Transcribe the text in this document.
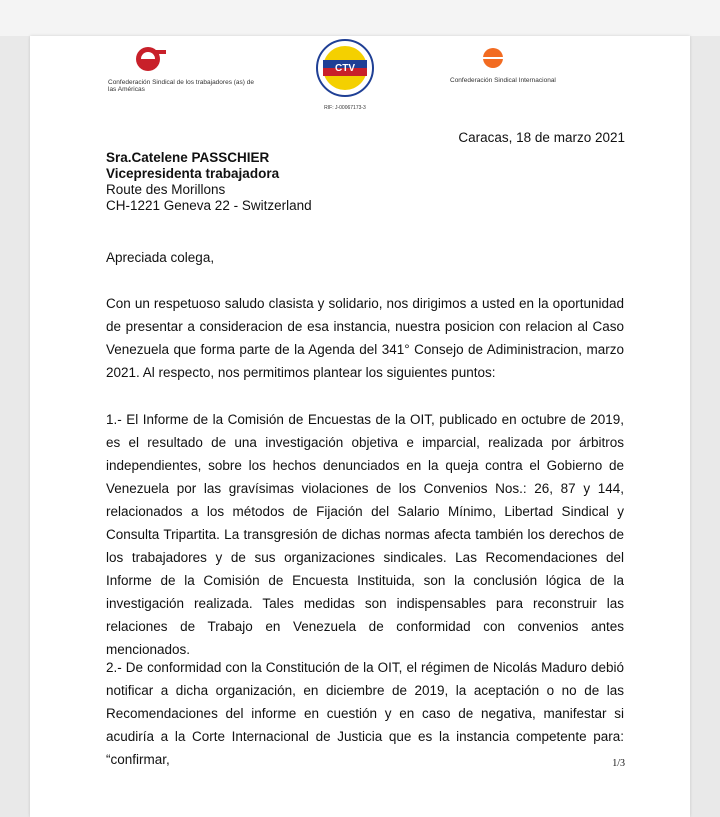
Confederación Sindical de los trabajadores (as) de las Américas
CTV
RIF: J-00067173-3
Confederación Sindical Internacional
Caracas, 18 de marzo 2021
Sra.Catelene PASSCHIER
Vicepresidenta trabajadora
Route des Morillons
CH-1221 Geneva 22 - Switzerland
Apreciada colega,
Con un respetuoso saludo clasista y solidario, nos dirigimos a usted en la oportunidad de presentar a consideracion de esa instancia, nuestra posicion con relacion al Caso Venezuela que forma parte de la Agenda del 341° Consejo de Adiministracion, marzo 2021. Al respecto, nos permitimos plantear los siguientes puntos:
1.- El Informe de la Comisión de Encuestas de la OIT, publicado en octubre de 2019, es el resultado de una investigación objetiva e imparcial, realizada por árbitros independientes, sobre los hechos denunciados en la queja contra el Gobierno de Venezuela por las gravísimas violaciones de los Convenios Nos.: 26, 87 y 144, relacionados a los métodos de Fijación del Salario Mínimo, Libertad Sindical y Consulta Tripartita. La transgresión de dichas normas afecta también los derechos de los trabajadores y de sus organizaciones sindicales. Las Recomendaciones del Informe de la Comisión de Encuesta Instituida, son la conclusión lógica de la investigación realizada. Tales medidas son indispensables para reconstruir las relaciones de Trabajo en Venezuela de conformidad con convenios antes mencionados.
2.- De conformidad con la Constitución de la OIT, el régimen de Nicolás Maduro debió notificar a dicha organización, en diciembre de 2019, la aceptación o no de las Recomendaciones del informe en cuestión y en caso de negativa, manifestar si acudiría a la Corte Internacional de Justicia que es la instancia competente para: “confirmar,	1/3
